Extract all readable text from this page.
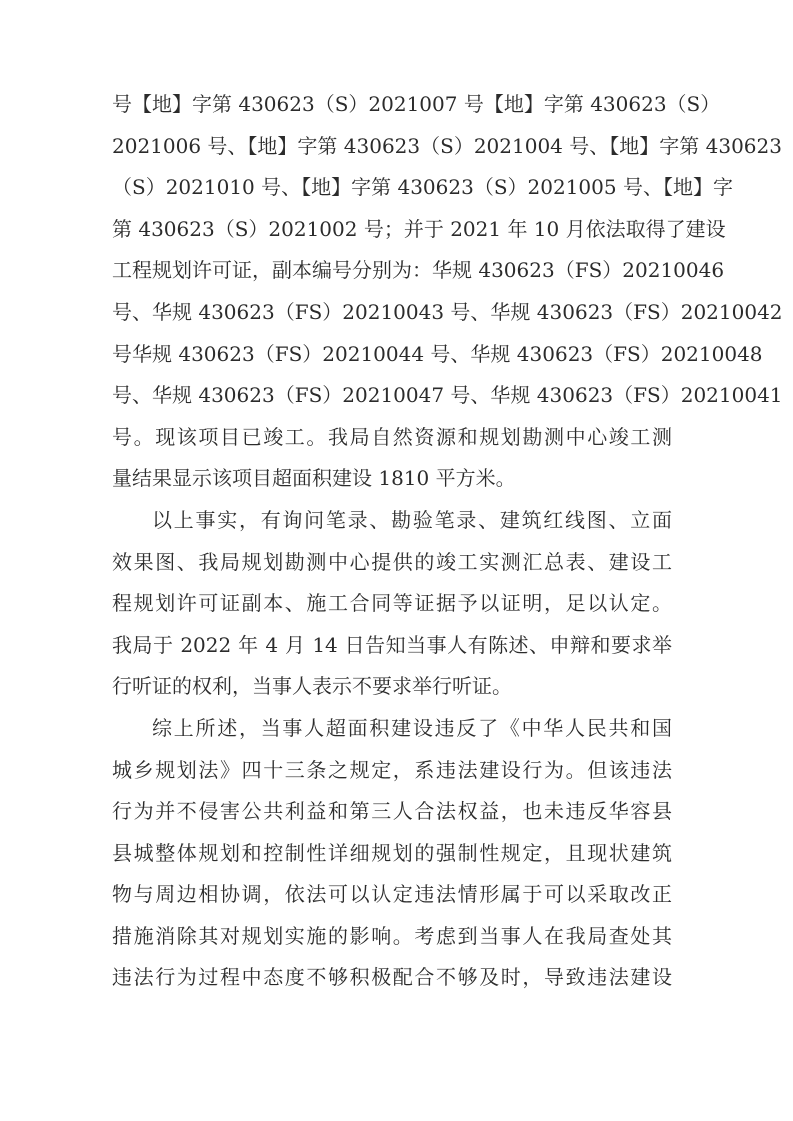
号【地】字第 430623（S）2021007 号【地】字第 430623（S）
2021006 号、【地】字第 430623（S）2021004 号、【地】字第 430623
（S）2021010 号、【地】字第 430623（S）2021005 号、【地】字
第 430623（S）2021002 号；并于 2021 年 10 月依法取得了建设
工程规划许可证，副本编号分别为：华规 430623（FS）20210046
号、华规 430623（FS）20210043 号、华规 430623（FS）20210042
号华规 430623（FS）20210044 号、华规 430623（FS）20210048
号、华规 430623（FS）20210047 号、华规 430623（FS）20210041
号。现该项目已竣工。我局自然资源和规划勘测中心竣工测
量结果显示该项目超面积建设 1810 平方米。
以上事实，有询问笔录、勘验笔录、建筑红线图、立面
效果图、我局规划勘测中心提供的竣工实测汇总表、建设工
程规划许可证副本、施工合同等证据予以证明，足以认定。
我局于 2022 年 4 月 14 日告知当事人有陈述、申辩和要求举
行听证的权利，当事人表示不要求举行听证。
综上所述，当事人超面积建设违反了《中华人民共和国
城乡规划法》四十三条之规定，系违法建设行为。但该违法
行为并不侵害公共利益和第三人合法权益，也未违反华容县
县城整体规划和控制性详细规划的强制性规定，且现状建筑
物与周边相协调，依法可以认定违法情形属于可以采取改正
措施消除其对规划实施的影响。考虑到当事人在我局查处其
违法行为过程中态度不够积极配合不够及时，导致违法建设
